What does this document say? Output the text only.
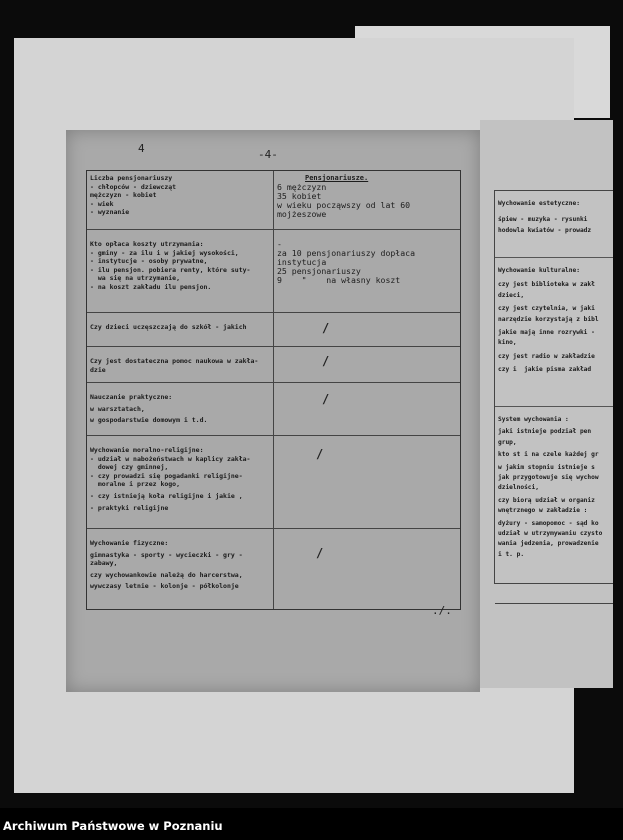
4	-4-
Liczba pensjonariuszy
- chłopców - dziewcząt
mężczyzn - kobiet
- wiek
- wyznanie
Pensjonariusze.
6 mężczyzn
35 kobiet
w wieku począwszy od lat 60
mojżeszowe
Kto opłaca koszty utrzymania:
- gminy - za ilu i w jakiej wysokości,
- instytucje - osoby prywatne,
- ilu pensjon. pobiera renty, które suty-
wa się na utrzymanie,
- na koszt zakładu ilu pensjon.
-
za 10 pensjonariuszy dopłaca
instytucja
25 pensjonariuszy
9    "    na własny koszt
Czy dzieci uczęszczają do szkół - jakich	/
Czy jest dostateczna pomoc naukowa w zakła-
dzie
/
Nauczanie praktyczne:
w warsztatach,
w gospodarstwie domowym i t.d.
/
Wychowanie moralno-religijne:
- udział w nabożeństwach w kaplicy zakła-
dowej czy gminnej,
- czy prowadzi się pogadanki religijne-
moralne i przez kogo,
- czy istnieją koła religijne i jakie ,
- praktyki religijne
/
Wychowanie fizyczne:
gimnastyka - sporty - wycieczki - gry -
zabawy,
czy wychowankowie należą do harcerstwa,
wywczasy letnie - kolonje - półkolonje
/
./.
Wychowanie estetyczne:
śpiew - muzyka - rysunki
hodowla kwiatów - prowadz
Wychowanie kulturalne:
czy jest biblioteka w zakł
dzieci,
czy jest czytelnia, w jaki
narzędzie korzystają z bibl
jakie mają inne rozrywki -
kino,
czy jest radio w zakładzie
czy i  jakie pisma zakład
System wychowania :
jaki istnieje podział pen
grup,
kto st i na czele każdej gr
w jakim stopniu istnieje s
jak przygotowuje się wychow
dzielności,
czy biorą udział w organiz
wnętrznego w zakładzie :
dyżury - samopomoc - sąd ko
udział w utrzymywaniu czysto
wania jedzenia, prowadzenie
i t. p.
Archiwum Państwowe w Poznaniu
